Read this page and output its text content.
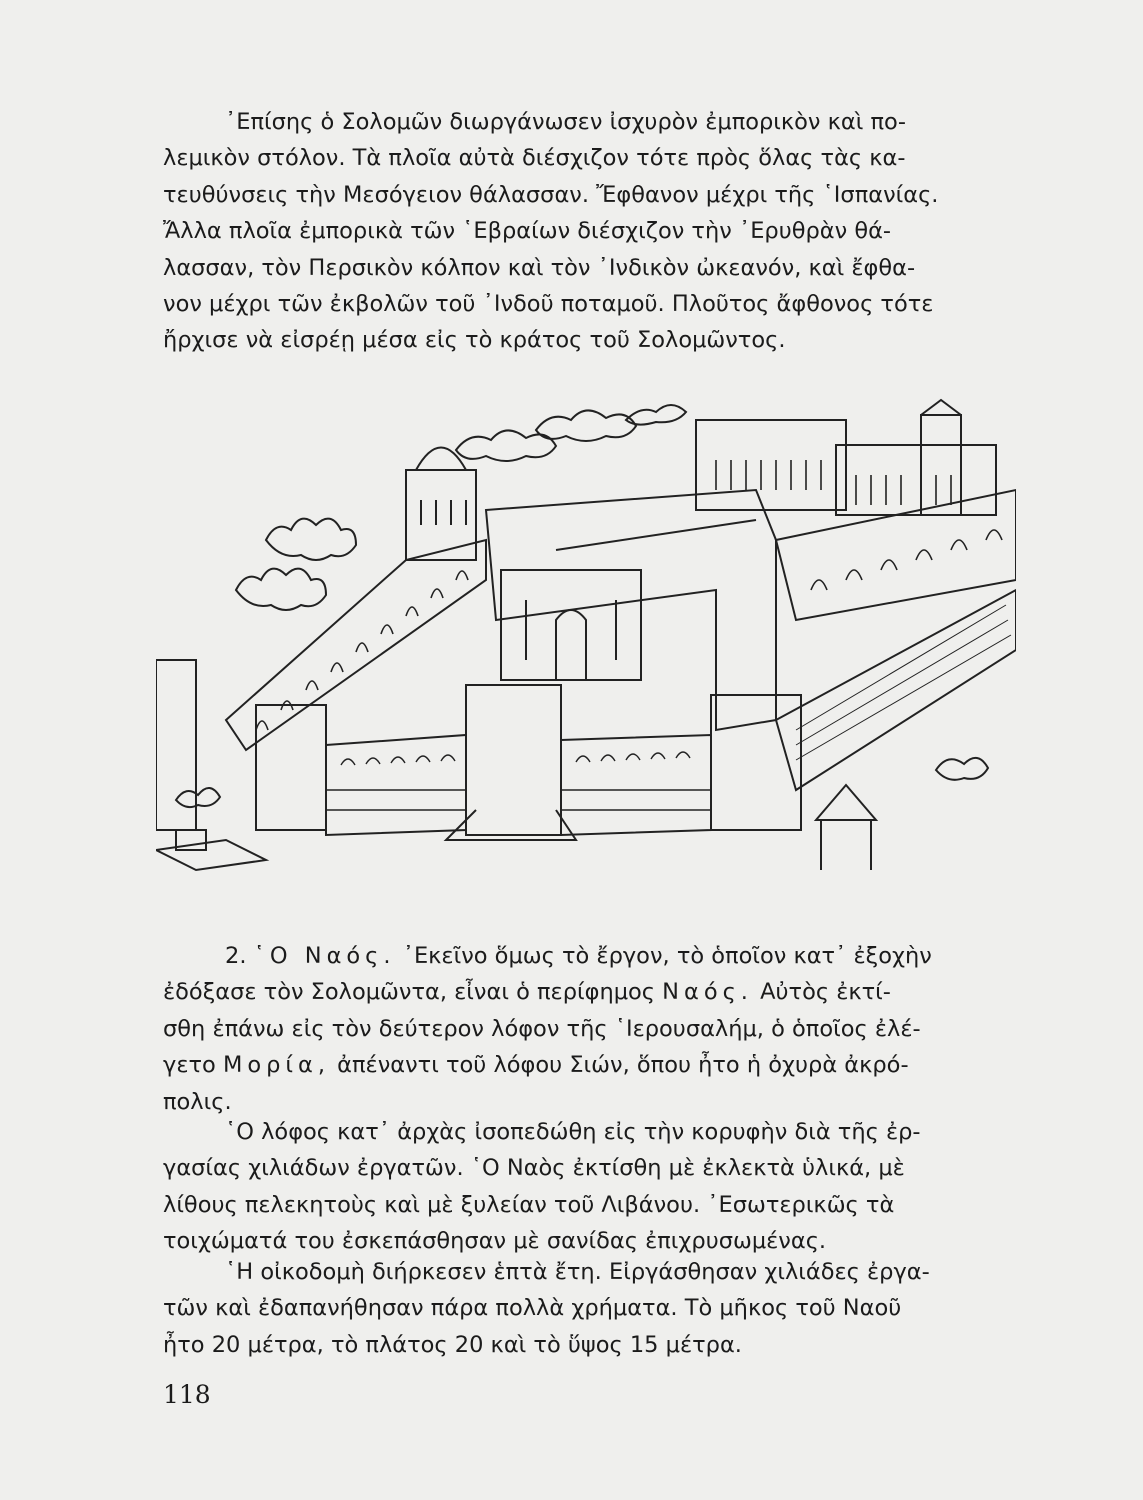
᾿Επίσης ὁ Σολομῶν διωργάνωσεν ἰσχυρὸν ἐμπορικὸν καὶ πο-
λεμικὸν στόλον. Τὰ πλοῖα αὐτὰ διέσχιζον τότε πρὸς ὅλας τὰς κα-
τευθύνσεις τὴν Μεσόγειον θάλασσαν. Ἔφθανον μέχρι τῆς ῾Ισπανίας.
Ἄλλα πλοῖα ἐμπορικὰ τῶν ῾Εβραίων διέσχιζον τὴν ᾿Ερυθρὰν θά-
λασσαν, τὸν Περσικὸν κόλπον καὶ τὸν ᾿Ινδικὸν ὠκεανόν, καὶ ἔφθα-
νον μέχρι τῶν ἐκβολῶν τοῦ ᾿Ινδοῦ ποταμοῦ. Πλοῦτος ἄφθονος τότε
ἤρχισε νὰ εἰσρέῃ μέσα εἰς τὸ κράτος τοῦ Σολομῶντος.

2. ῾Ο Ναός. ᾿Εκεῖνο ὅμως τὸ ἔργον, τὸ ὁποῖον κατ᾿ ἐξοχὴν
ἐδόξασε τὸν Σολομῶντα, εἶναι ὁ περίφημος Ναός. Αὐτὸς ἐκτί-
σθη ἐπάνω εἰς τὸν δεύτερον λόφον τῆς ῾Ιερουσαλήμ, ὁ ὁποῖος ἐλέ-
γετο Μορία, ἀπέναντι τοῦ λόφου Σιών, ὅπου ἦτο ἡ ὀχυρὰ ἀκρό-
πολις.

῾Ο λόφος κατ᾿ ἀρχὰς ἰσοπεδώθη εἰς τὴν κορυφὴν διὰ τῆς ἐρ-
γασίας χιλιάδων ἐργατῶν. ῾Ο Ναὸς ἐκτίσθη μὲ ἐκλεκτὰ ὑλικά, μὲ
λίθους πελεκητοὺς καὶ μὲ ξυλείαν τοῦ Λιβάνου. ᾿Εσωτερικῶς τὰ
τοιχώματά του ἐσκεπάσθησαν μὲ σανίδας ἐπιχρυσωμένας.

῾Η οἰκοδομὴ διήρκεσεν ἑπτὰ ἔτη. Εἰργάσθησαν χιλιάδες ἐργα-
τῶν καὶ ἐδαπανήθησαν πάρα πολλὰ χρήματα. Τὸ μῆκος τοῦ Ναοῦ
ἦτο 20 μέτρα, τὸ πλάτος 20 καὶ τὸ ὕψος 15 μέτρα.

118
